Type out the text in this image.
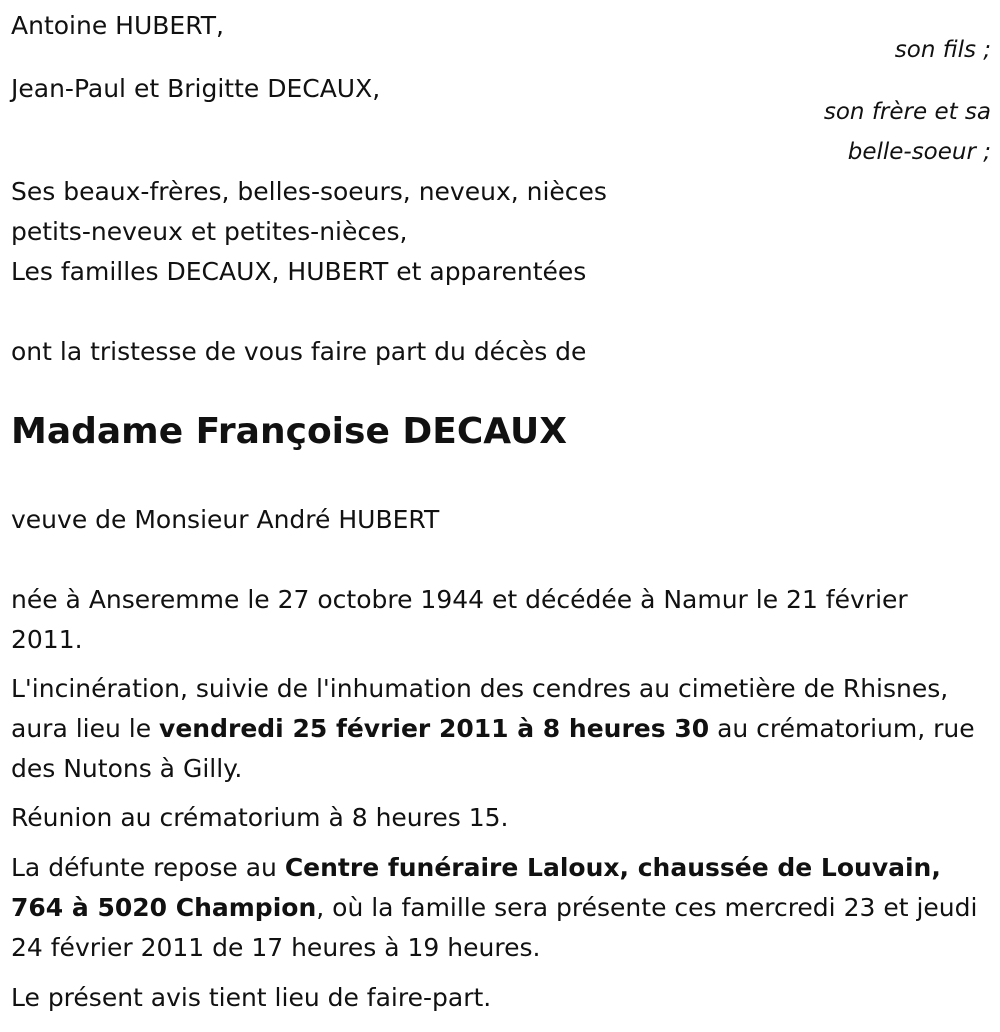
Antoine HUBERT,
son fils ;
Jean-Paul et Brigitte DECAUX,
son frère et sa
belle-soeur ;

Ses beaux-frères, belles-soeurs, neveux, nièces

petits-neveux et petites-nièces,

Les familles DECAUX, HUBERT et apparentées

ont la tristesse de vous faire part du décès de
Madame Françoise DECAUX
veuve de Monsieur André HUBERT

née à Anseremme le 27 octobre 1944 et décédée à Namur le 21 février 2011.

L'incinération, suivie de l'inhumation des cendres au cimetière de Rhisnes, aura lieu le vendredi 25 février 2011 à 8 heures 30 au crématorium, rue des Nutons à Gilly.

Réunion au crématorium à 8 heures 15.

La défunte repose au Centre funéraire Laloux, chaussée de Louvain, 764 à 5020 Champion, où la famille sera présente ces mercredi 23 et jeudi 24 février 2011 de 17 heures à 19 heures.

Le présent avis tient lieu de faire-part.
